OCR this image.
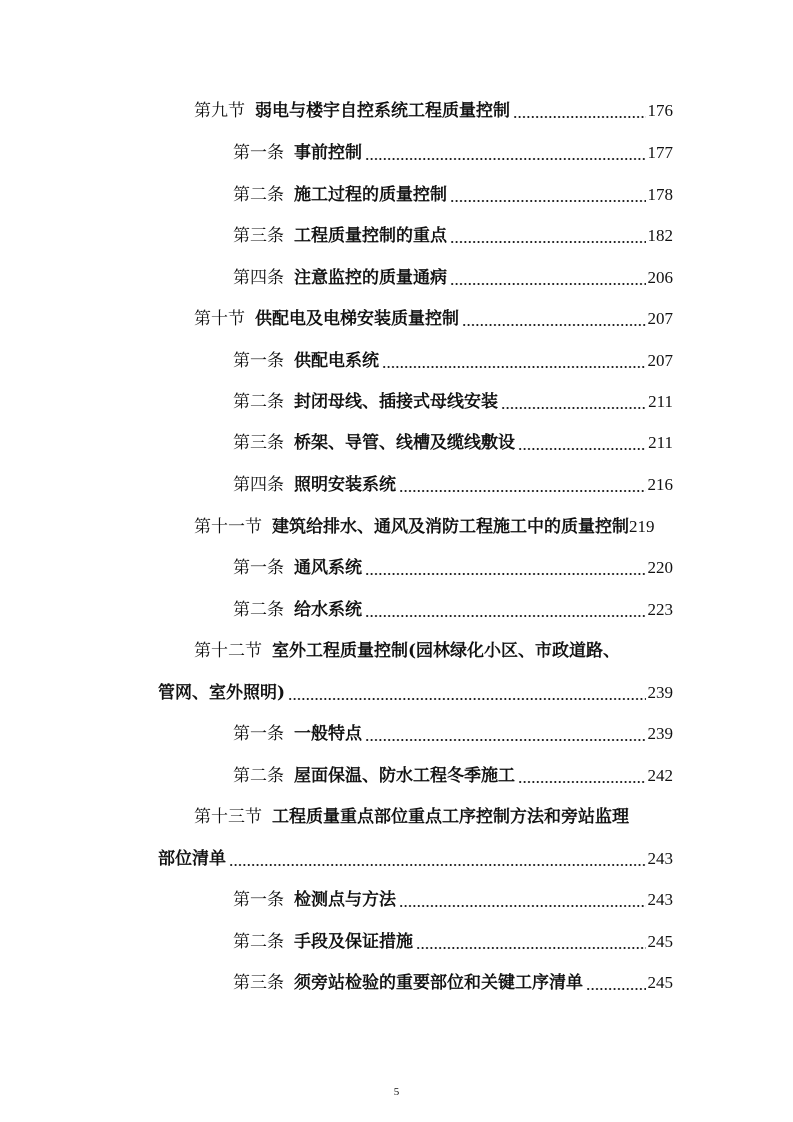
第九节 弱电与楼宇自控系统工程质量控制	176
第一条 事前控制	177
第二条 施工过程的质量控制	178
第三条 工程质量控制的重点	182
第四条 注意监控的质量通病	206
第十节 供配电及电梯安装质量控制	207
第一条 供配电系统	207
第二条 封闭母线、插接式母线安装	211
第三条 桥架、导管、线槽及缆线敷设	211
第四条 照明安装系统	216
第十一节 建筑给排水、通风及消防工程施工中的质量控制 219
第一条 通风系统	220
第二条 给水系统	223
第十二节 室外工程质量控制(园林绿化小区、市政道路、
管网、室外照明)	239
第一条 一般特点	239
第二条 屋面保温、防水工程冬季施工	242
第十三节 工程质量重点部位重点工序控制方法和旁站监理
部位清单	243
第一条 检测点与方法	243
第二条 手段及保证措施	245
第三条 须旁站检验的重要部位和关键工序清单	245
5
